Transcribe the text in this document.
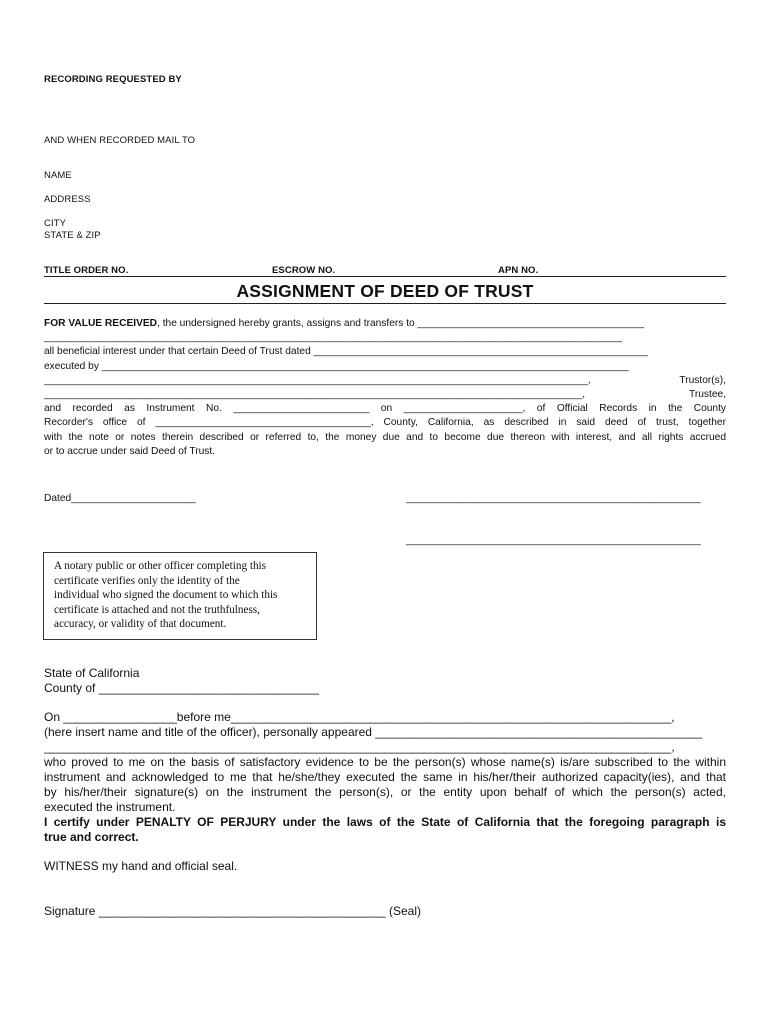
RECORDING REQUESTED BY
AND WHEN RECORDED MAIL TO
NAME
ADDRESS
CITY
STATE & ZIP
TITLE ORDER NO.	ESCROW NO.	APN NO.
ASSIGNMENT OF DEED OF TRUST
FOR VALUE RECEIVED, the undersigned hereby grants, assigns and transfers to ________________________________________
______________________________________________________________________________________________________
all beneficial interest under that certain Deed of Trust dated ___________________________________________________________
executed by _____________________________________________________________________________________________
________________________________________________________________________________________________,	Trustor(s),
_______________________________________________________________________________________________,	Trustee,
and recorded as Instrument No. ________________________ on _____________________, of Official Records in the County
Recorder's office of ______________________________________, County, California, as described in said deed of trust, together
with the note or notes therein described or referred to, the money due and to become due thereon with interest, and all rights accrued
or to accrue under said Deed of Trust.
Dated______________________	____________________________________________________
____________________________________________________
A notary public or other officer completing this
certificate verifies only the identity of the
individual who signed the document to which this
certificate is attached and not the truthfulness,
accuracy, or validity of that document.
State of California
County of _________________________________
On _________________before me__________________________________________________________________,
(here insert name and title of the officer), personally appeared _________________________________________________
______________________________________________________________________________________________,
who proved to me on the basis of satisfactory evidence to be the person(s) whose name(s) is/are subscribed to the within
instrument and acknowledged to me that he/she/they executed the same in his/her/their authorized capacity(ies), and that
by his/her/their signature(s) on the instrument the person(s), or the entity upon behalf of which the person(s) acted,
executed the instrument.
I certify under PENALTY OF PERJURY under the laws of the State of California that the foregoing paragraph is
true and correct.
WITNESS my hand and official seal.
Signature ___________________________________________ (Seal)
